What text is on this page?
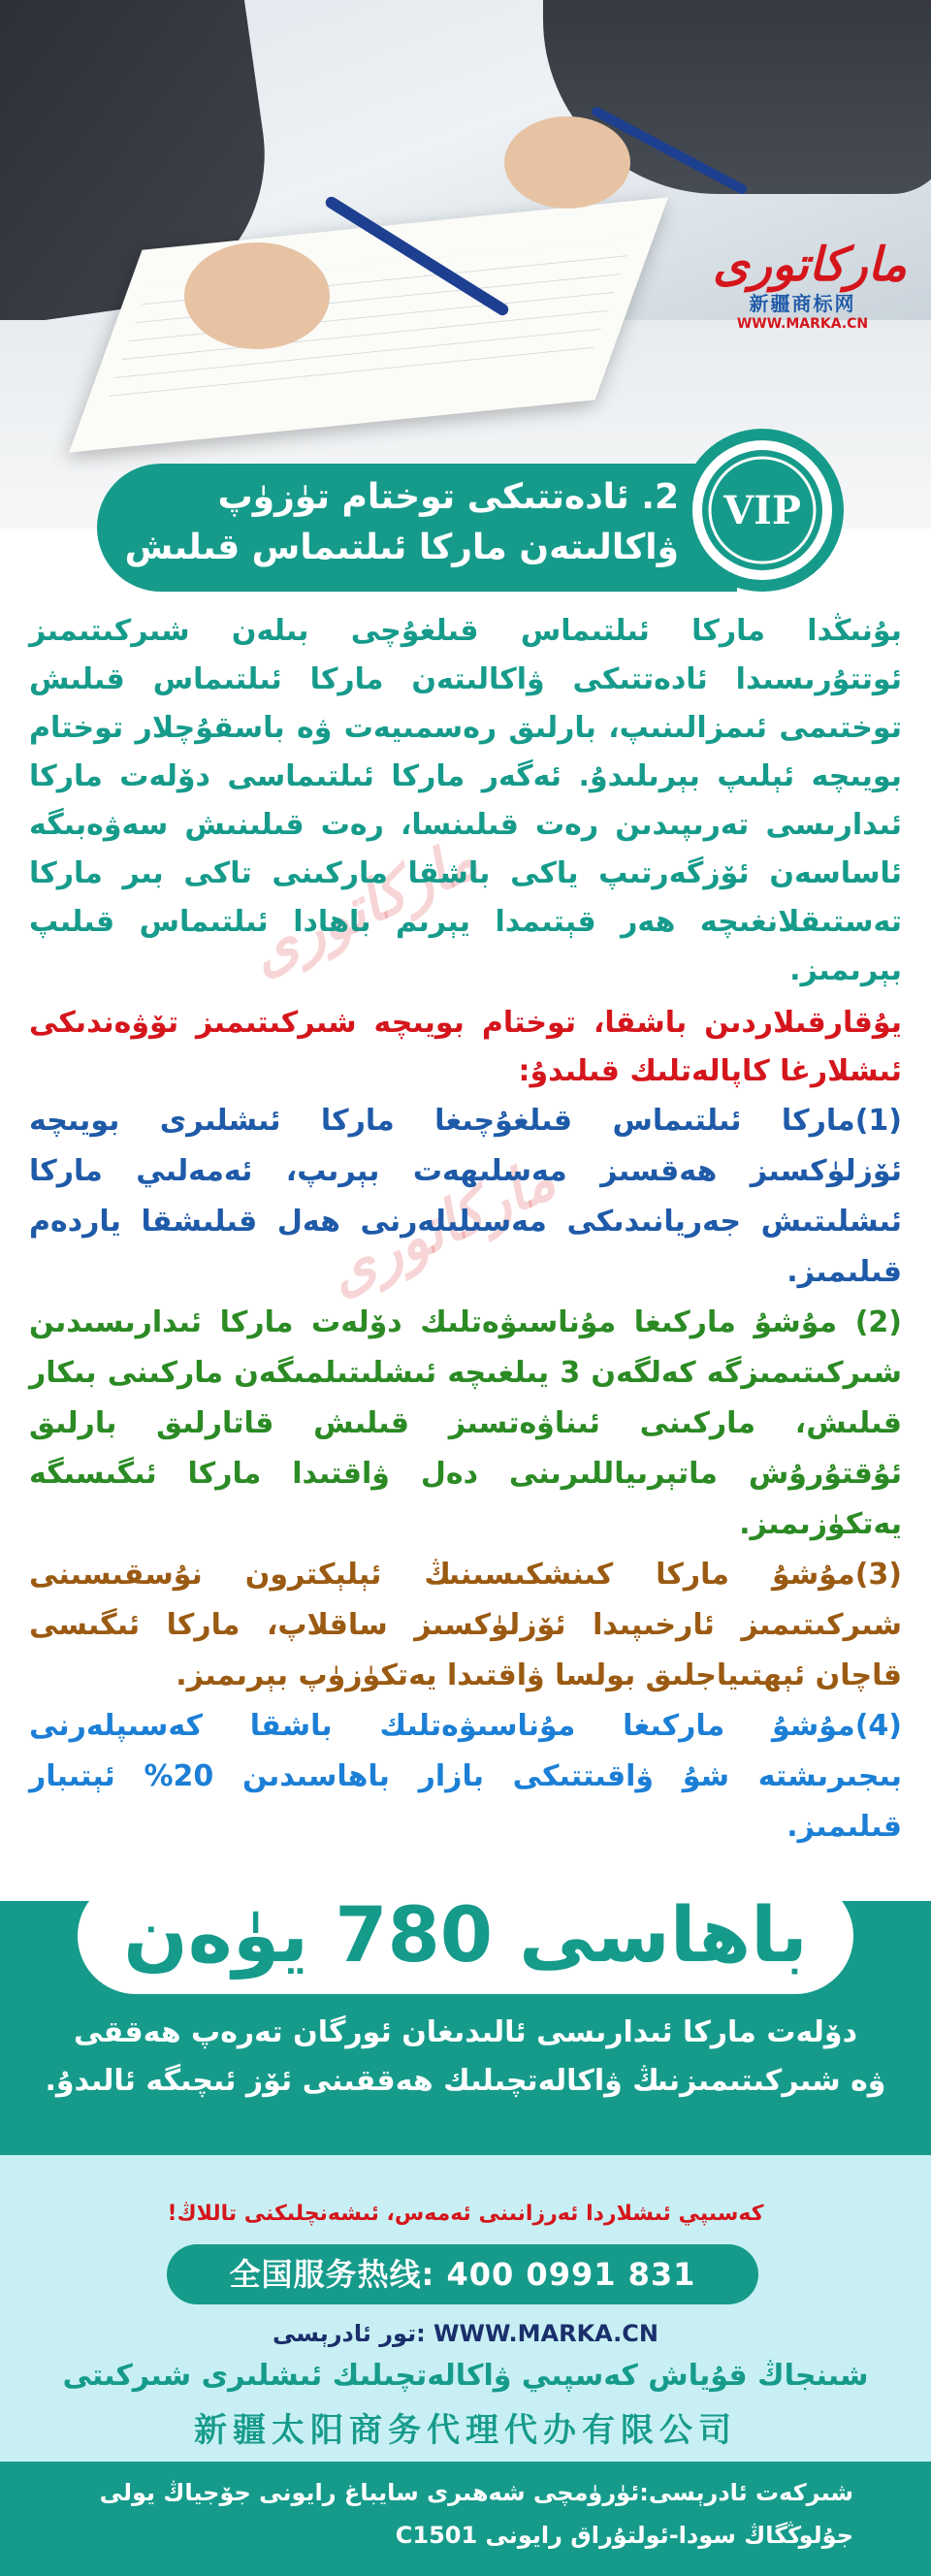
ماركاتورى
新疆商标网
WWW.MARKA.CN
2. ئادەتتىكى توختام تۈزۈپ
ۋاكالىتەن ماركا ئىلتىماس قىلىش
VIP
ماركاتورى
ماركاتورى

بۇنىڭدا ماركا ئىلتىماس قىلغۇچى بىلەن شىركىتىمىز ئوتتۇرىسىدا ئادەتتىكى ۋاكالىتەن ماركا ئىلتىماس قىلىش توختىمى ئىمزالىنىپ، بارلىق رەسمىيەت ۋە باسقۇچلار توختام بويىچە ئېلىپ بېرىلىدۇ. ئەگەر ماركا ئىلتىماسى دۆلەت ماركا ئىدارىسى تەرىپىدىن رەت قىلىنسا، رەت قىلىنىش سەۋەبىگە ئاساسەن ئۆزگەرتىپ ياكى باشقا ماركىنى تاكى بىر ماركا تەستىقلانغىچە ھەر قېتىمدا يېرىم باھادا ئىلتىماس قىلىپ بېرىمىز.

يۇقارقىلاردىن باشقا، توختام بويىچە شىركىتىمىز تۆۋەندىكى ئىشلارغا كاپالەتلىك قىلىدۇ:

(1)ماركا ئىلتىماس قىلغۇچىغا ماركا ئىشلىرى بويىچە ئۆزلۈكسىز ھەقسىز مەسلىھەت بېرىپ، ئەمەلىي ماركا ئىشلىتىش جەريانىدىكى مەسىلىلەرنى ھەل قىلىشقا ياردەم قىلىمىز.

(2) مۇشۇ ماركىغا مۇناسىۋەتلىك دۆلەت ماركا ئىدارىسىدىن شىركىتىمىزگە كەلگەن 3 يىلغىچە ئىشلىتىلمىگەن ماركىنى بىكار قىلىش، ماركىنى ئىناۋەتسىز قىلىش قاتارلىق بارلىق ئۇقتۇرۇش ماتېرىياللىرىنى دەل ۋاقتىدا ماركا ئىگىسىگە يەتكۈزىمىز.

(3)مۇشۇ ماركا كىنشكىسىنىڭ ئېلېكترون نۇسقىسىنى شىركىتىمىز ئارخىپىدا ئۆزلۈكسىز ساقلاپ، ماركا ئىگىسى قاچان ئېھتىياجلىق بولسا ۋاقتىدا يەتكۈزۈپ بېرىمىز.

(4)مۇشۇ ماركىغا مۇناسىۋەتلىك باشقا كەسىپلەرنى بىجىرىشتە شۇ ۋاقىتتىكى بازار باھاسىدىن 20% ئېتىبار قىلىمىز.

باھاسى 780 يۈەن
دۆلەت ماركا ئىدارىسى ئالىدىغان ئورگان تەرەپ ھەققى
ۋە شىركىتىمىزنىڭ ۋاكالەتچىلىك ھەققىنى ئۆز ئىچىگە ئالىدۇ.
كەسىپي ئىشلاردا ئەرزانىنى ئەمەس، ئىشەنچلىكنى تاللاڭ!
全国服务热线: 400 0991 831
تور ئادرېسى: WWW.MARKA.CN
شىنجاڭ قۇياش كەسپىي ۋاكالەتچىلىك ئىشلىرى شىركىتى
新疆太阳商务代理代办有限公司
شىركەت ئادرېسى:ئۈرۈمچى شەھىرى سايباغ رايونى جۆجياڭ يولى
جۇلوڭگاڭ سودا-ئولتۇراق رايونى C1501
